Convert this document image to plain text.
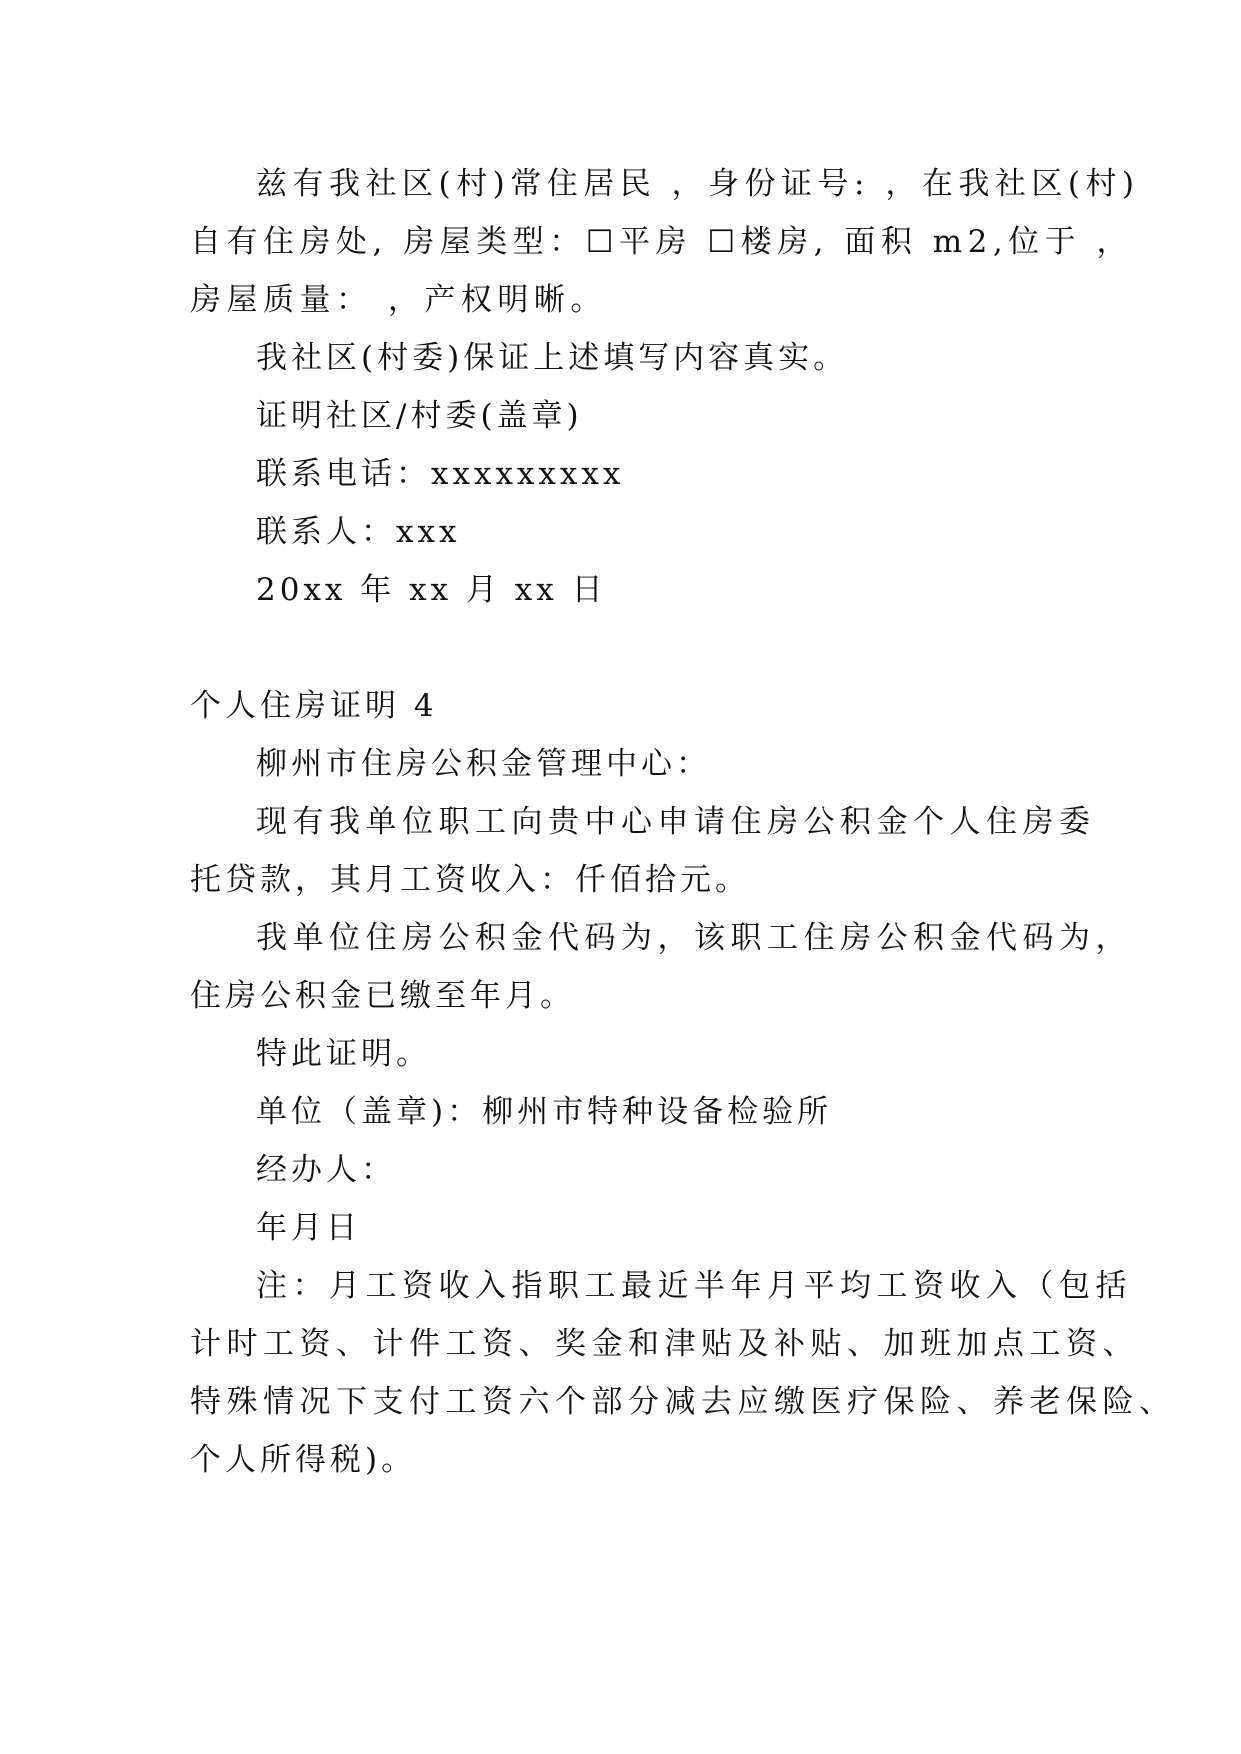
兹有我社区(村)常住居民 ，身份证号: ，在我社区(村)
自有住房处, 房屋类型：☐平房 ☐楼房, 面积 m2,位于 ，
房屋质量： ，产权明晰。
我社区(村委)保证上述填写内容真实。
证明社区/村委(盖章)
联系电话：xxxxxxxxx
联系人：xxx
20xx 年 xx 月 xx 日
个人住房证明 4
柳州市住房公积金管理中心：
现有我单位职工向贵中心申请住房公积金个人住房委
托贷款，其月工资收入：仟佰拾元。
我单位住房公积金代码为，该职工住房公积金代码为，
住房公积金已缴至年月。
特此证明。
单位（盖章)：柳州市特种设备检验所
经办人：
年月日
注：月工资收入指职工最近半年月平均工资收入（包括
计时工资、计件工资、奖金和津贴及补贴、加班加点工资、
特殊情况下支付工资六个部分减去应缴医疗保险、养老保险、
个人所得税)。
